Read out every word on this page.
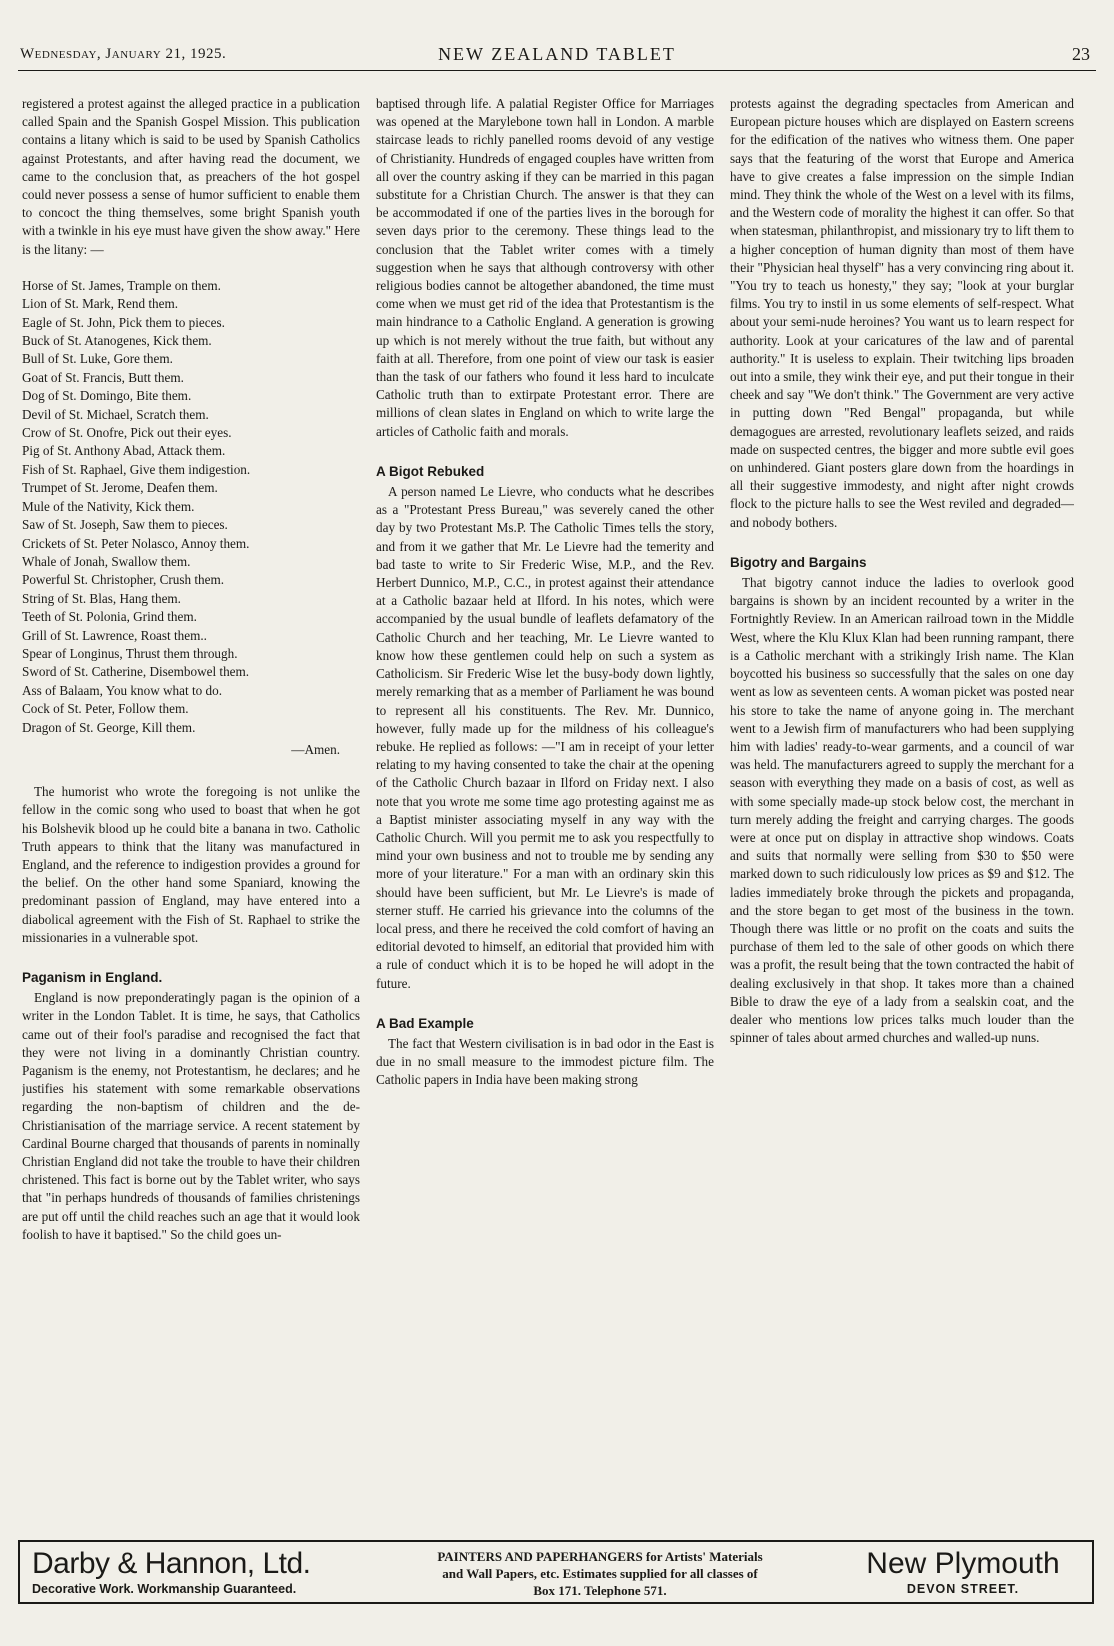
Wednesday, January 21, 1925.	NEW ZEALAND TABLET	23

registered a protest against the alleged practice in a publication called Spain and the Spanish Gospel Mission. This publication contains a litany which is said to be used by Spanish Catholics against Protestants, and after having read the document, we came to the conclusion that, as preachers of the hot gospel could never possess a sense of humor sufficient to enable them to concoct the thing themselves, some bright Spanish youth with a twinkle in his eye must have given the show away." Here is the litany: —

Horse of St. James, Trample on them.
Lion of St. Mark, Rend them.
Eagle of St. John, Pick them to pieces.
Buck of St. Atanogenes, Kick them.
Bull of St. Luke, Gore them.
Goat of St. Francis, Butt them.
Dog of St. Domingo, Bite them.
Devil of St. Michael, Scratch them.
Crow of St. Onofre, Pick out their eyes.
Pig of St. Anthony Abad, Attack them.
Fish of St. Raphael, Give them indigestion.
Trumpet of St. Jerome, Deafen them.
Mule of the Nativity, Kick them.
Saw of St. Joseph, Saw them to pieces.
Crickets of St. Peter Nolasco, Annoy them.
Whale of Jonah, Swallow them.
Powerful St. Christopher, Crush them.
String of St. Blas, Hang them.
Teeth of St. Polonia, Grind them.
Grill of St. Lawrence, Roast them..
Spear of Longinus, Thrust them through.
Sword of St. Catherine, Disembowel them.
Ass of Balaam, You know what to do.
Cock of St. Peter, Follow them.
Dragon of St. George, Kill them.
—Amen.

The humorist who wrote the foregoing is not unlike the fellow in the comic song who used to boast that when he got his Bolshevik blood up he could bite a banana in two. Catholic Truth appears to think that the litany was manufactured in England, and the reference to indigestion provides a ground for the belief. On the other hand some Spaniard, knowing the predominant passion of England, may have entered into a diabolical agreement with the Fish of St. Raphael to strike the missionaries in a vulnerable spot.

Paganism in England.

England is now preponderatingly pagan is the opinion of a writer in the London Tablet. It is time, he says, that Catholics came out of their fool's paradise and recognised the fact that they were not living in a dominantly Christian country. Paganism is the enemy, not Protestantism, he declares; and he justifies his statement with some remarkable observations regarding the non-baptism of children and the de-Christianisation of the marriage service. A recent statement by Cardinal Bourne charged that thousands of parents in nominally Christian England did not take the trouble to have their children christened. This fact is borne out by the Tablet writer, who says that "in perhaps hundreds of thousands of families christenings are put off until the child reaches such an age that it would look foolish to have it baptised." So the child goes un-

baptised through life. A palatial Register Office for Marriages was opened at the Marylebone town hall in London. A marble staircase leads to richly panelled rooms devoid of any vestige of Christianity. Hundreds of engaged couples have written from all over the country asking if they can be married in this pagan substitute for a Christian Church. The answer is that they can be accommodated if one of the parties lives in the borough for seven days prior to the ceremony. These things lead to the conclusion that the Tablet writer comes with a timely suggestion when he says that although controversy with other religious bodies cannot be altogether abandoned, the time must come when we must get rid of the idea that Protestantism is the main hindrance to a Catholic England. A generation is growing up which is not merely without the true faith, but without any faith at all. Therefore, from one point of view our task is easier than the task of our fathers who found it less hard to inculcate Catholic truth than to extirpate Protestant error. There are millions of clean slates in England on which to write large the articles of Catholic faith and morals.

A Bigot Rebuked

A person named Le Lievre, who conducts what he describes as a "Protestant Press Bureau," was severely caned the other day by two Protestant Ms.P. The Catholic Times tells the story, and from it we gather that Mr. Le Lievre had the temerity and bad taste to write to Sir Frederic Wise, M.P., and the Rev. Herbert Dunnico, M.P., C.C., in protest against their attendance at a Catholic bazaar held at Ilford. In his notes, which were accompanied by the usual bundle of leaflets defamatory of the Catholic Church and her teaching, Mr. Le Lievre wanted to know how these gentlemen could help on such a system as Catholicism. Sir Frederic Wise let the busy-body down lightly, merely remarking that as a member of Parliament he was bound to represent all his constituents. The Rev. Mr. Dunnico, however, fully made up for the mildness of his colleague's rebuke. He replied as follows: —"I am in receipt of your letter relating to my having consented to take the chair at the opening of the Catholic Church bazaar in Ilford on Friday next. I also note that you wrote me some time ago protesting against me as a Baptist minister associating myself in any way with the Catholic Church. Will you permit me to ask you respectfully to mind your own business and not to trouble me by sending any more of your literature." For a man with an ordinary skin this should have been sufficient, but Mr. Le Lievre's is made of sterner stuff. He carried his grievance into the columns of the local press, and there he received the cold comfort of having an editorial devoted to himself, an editorial that provided him with a rule of conduct which it is to be hoped he will adopt in the future.

A Bad Example

The fact that Western civilisation is in bad odor in the East is due in no small measure to the immodest picture film. The Catholic papers in India have been making strong

protests against the degrading spectacles from American and European picture houses which are displayed on Eastern screens for the edification of the natives who witness them. One paper says that the featuring of the worst that Europe and America have to give creates a false impression on the simple Indian mind. They think the whole of the West on a level with its films, and the Western code of morality the highest it can offer. So that when statesman, philanthropist, and missionary try to lift them to a higher conception of human dignity than most of them have their "Physician heal thyself" has a very convincing ring about it. "You try to teach us honesty," they say; "look at your burglar films. You try to instil in us some elements of self-respect. What about your semi-nude heroines? You want us to learn respect for authority. Look at your caricatures of the law and of parental authority." It is useless to explain. Their twitching lips broaden out into a smile, they wink their eye, and put their tongue in their cheek and say "We don't think." The Government are very active in putting down "Red Bengal" propaganda, but while demagogues are arrested, revolutionary leaflets seized, and raids made on suspected centres, the bigger and more subtle evil goes on unhindered. Giant posters glare down from the hoardings in all their suggestive immodesty, and night after night crowds flock to the picture halls to see the West reviled and degraded—and nobody bothers.

Bigotry and Bargains

That bigotry cannot induce the ladies to overlook good bargains is shown by an incident recounted by a writer in the Fortnightly Review. In an American railroad town in the Middle West, where the Klu Klux Klan had been running rampant, there is a Catholic merchant with a strikingly Irish name. The Klan boycotted his business so successfully that the sales on one day went as low as seventeen cents. A woman picket was posted near his store to take the name of anyone going in. The merchant went to a Jewish firm of manufacturers who had been supplying him with ladies' ready-to-wear garments, and a council of war was held. The manufacturers agreed to supply the merchant for a season with everything they made on a basis of cost, as well as with some specially made-up stock below cost, the merchant in turn merely adding the freight and carrying charges. The goods were at once put on display in attractive shop windows. Coats and suits that normally were selling from $30 to $50 were marked down to such ridiculously low prices as $9 and $12. The ladies immediately broke through the pickets and propaganda, and the store began to get most of the business in the town. Though there was little or no profit on the coats and suits the purchase of them led to the sale of other goods on which there was a profit, the result being that the town contracted the habit of dealing exclusively in that shop. It takes more than a chained Bible to draw the eye of a lady from a sealskin coat, and the dealer who mentions low prices talks much louder than the spinner of tales about armed churches and walled-up nuns.

Darby & Hannon, Ltd.
Decorative Work. Workmanship Guaranteed.
PAINTERS AND PAPERHANGERS for Artists' Materials
and Wall Papers, etc. Estimates supplied for all classes of
Box 171. Telephone 571.
New Plymouth
DEVON STREET.
